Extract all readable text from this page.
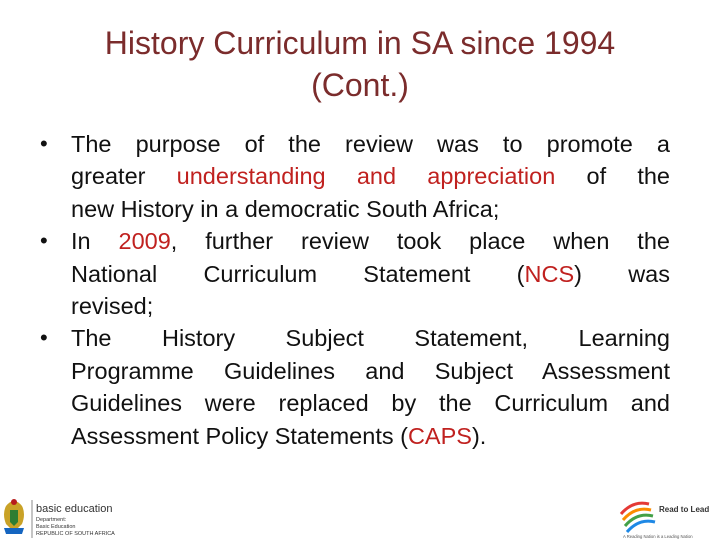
History Curriculum in SA since 1994
(Cont.)
• The purpose of the review was to promote a
greater understanding and appreciation of the
new History in a democratic South Africa;
• In 2009, further review took place when the
National Curriculum Statement (NCS) was
revised;
• The History Subject Statement, Learning
Programme Guidelines and Subject Assessment
Guidelines were replaced by the Curriculum and
Assessment Policy Statements (CAPS).
basic education
Department:
Basic Education
REPUBLIC OF SOUTH AFRICA
Read to Lead
A Reading Nation is a Leading Nation
